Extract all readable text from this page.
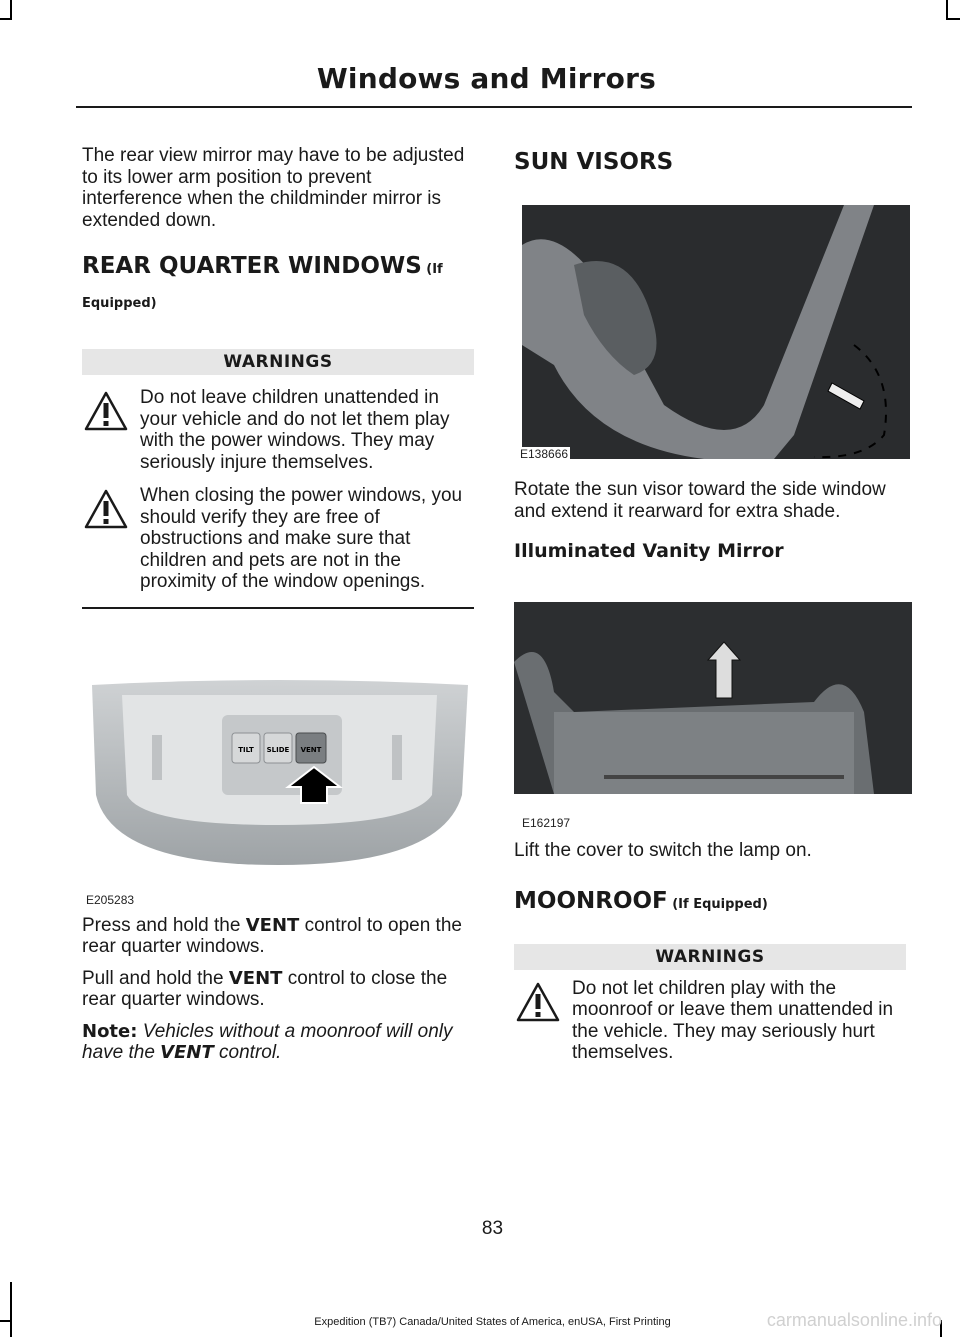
Windows and Mirrors

The rear view mirror may have to be adjusted to its lower arm position to prevent interference when the childminder mirror is extended down.

REAR QUARTER WINDOWS (If Equipped)
WARNINGS
Do not leave children unattended in your vehicle and do not let them play with the power windows. They may seriously injure themselves.
When closing the power windows, you should verify they are free of obstructions and make sure that children and pets are not in the proximity of the window openings.
TILT SLIDE VENT
E205283

Press and hold the VENT control to open the rear quarter windows.

Pull and hold the VENT control to close the rear quarter windows.

Note: Vehicles without a moonroof will only have the VENT control.

SUN VISORS
E138666

Rotate the sun visor toward the side window and extend it rearward for extra shade.

Illuminated Vanity Mirror
E162197

Lift the cover to switch the lamp on.

MOONROOF (If Equipped)
WARNINGS
Do not let children play with the moonroof or leave them unattended in the vehicle. They may seriously hurt themselves.
83
Expedition (TB7) Canada/United States of America, enUSA, First Printing	carmanualsonline.info
